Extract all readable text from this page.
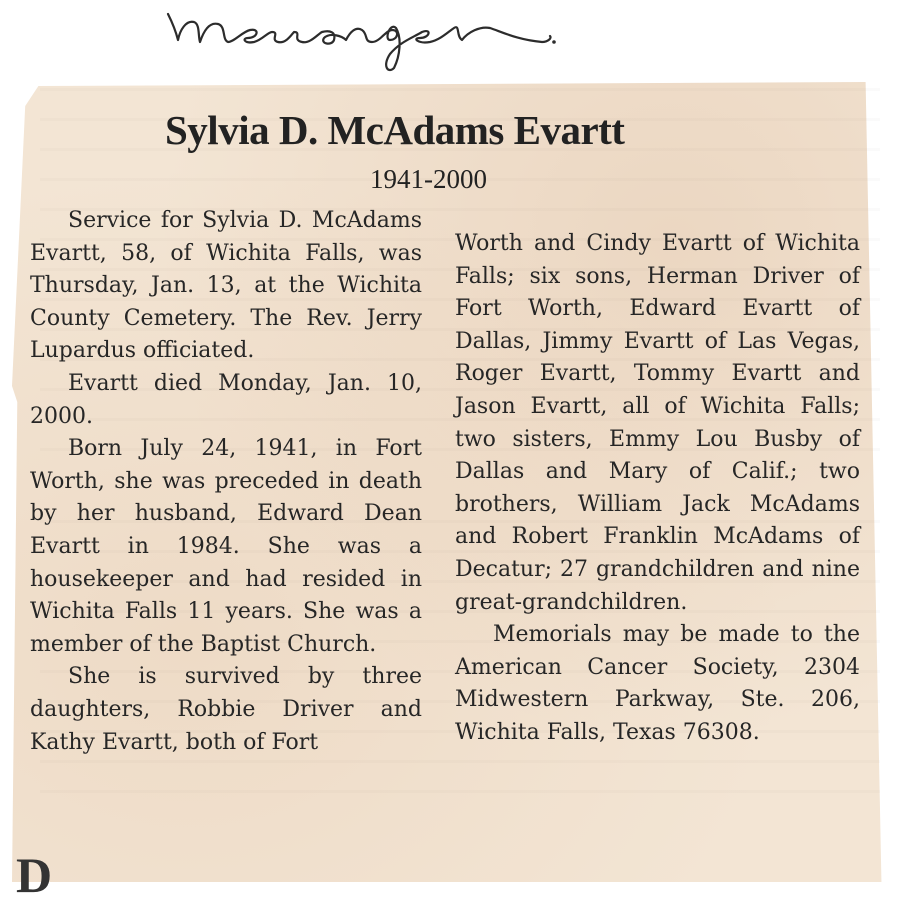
Sylvia D. McAdams Evartt
1941-2000

Service for Sylvia D. McAdams Evartt, 58, of Wichita Falls, was Thursday, Jan. 13, at the Wichita County Cemetery. The Rev. Jerry Lupardus officiated.

Evartt died Monday, Jan. 10, 2000.

Born July 24, 1941, in Fort Worth, she was preceded in death by her husband, Edward Dean Evartt in 1984. She was a housekeeper and had resided in Wichita Falls 11 years. She was a member of the Baptist Church.

She is survived by three daughters, Robbie Driver and Kathy Evartt, both of Fort

Worth and Cindy Evartt of Wichita Falls; six sons, Herman Driver of Fort Worth, Edward Evartt of Dallas, Jimmy Evartt of Las Vegas, Roger Evartt, Tommy Evartt and Jason Evartt, all of Wichita Falls; two sisters, Emmy Lou Busby of Dallas and Mary of Calif.; two brothers, William Jack McAdams and Robert Franklin McAdams of Decatur; 27 grandchildren and nine great-grandchildren.

Memorials may be made to the American Cancer Society, 2304 Midwestern Parkway, Ste. 206, Wichita Falls, Texas 76308.

D
